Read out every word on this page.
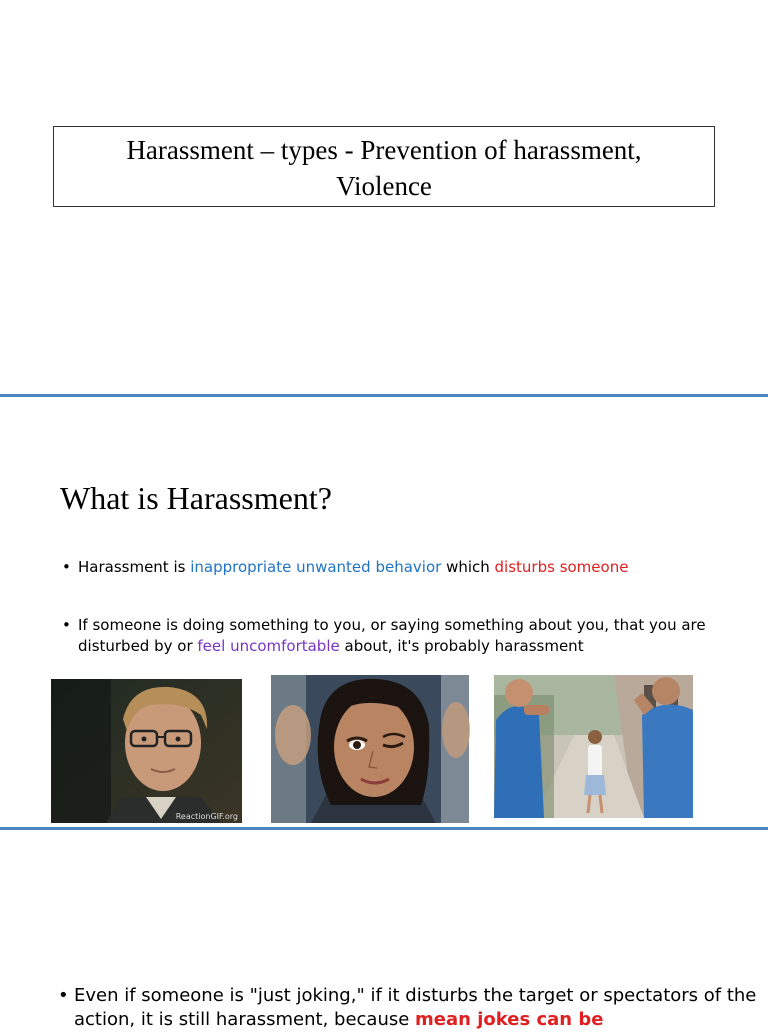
Harassment – types - Prevention of harassment,
Violence
What is Harassment?
• Harassment is inappropriate unwanted behavior which disturbs someone
• If someone is doing something to you, or saying something about you, that you are disturbed by or feel uncomfortable about, it's probably harassment
ReactionGIF.org
• Even if someone is "just joking," if it disturbs the target or spectators of the action, it is still harassment, because mean jokes can be
